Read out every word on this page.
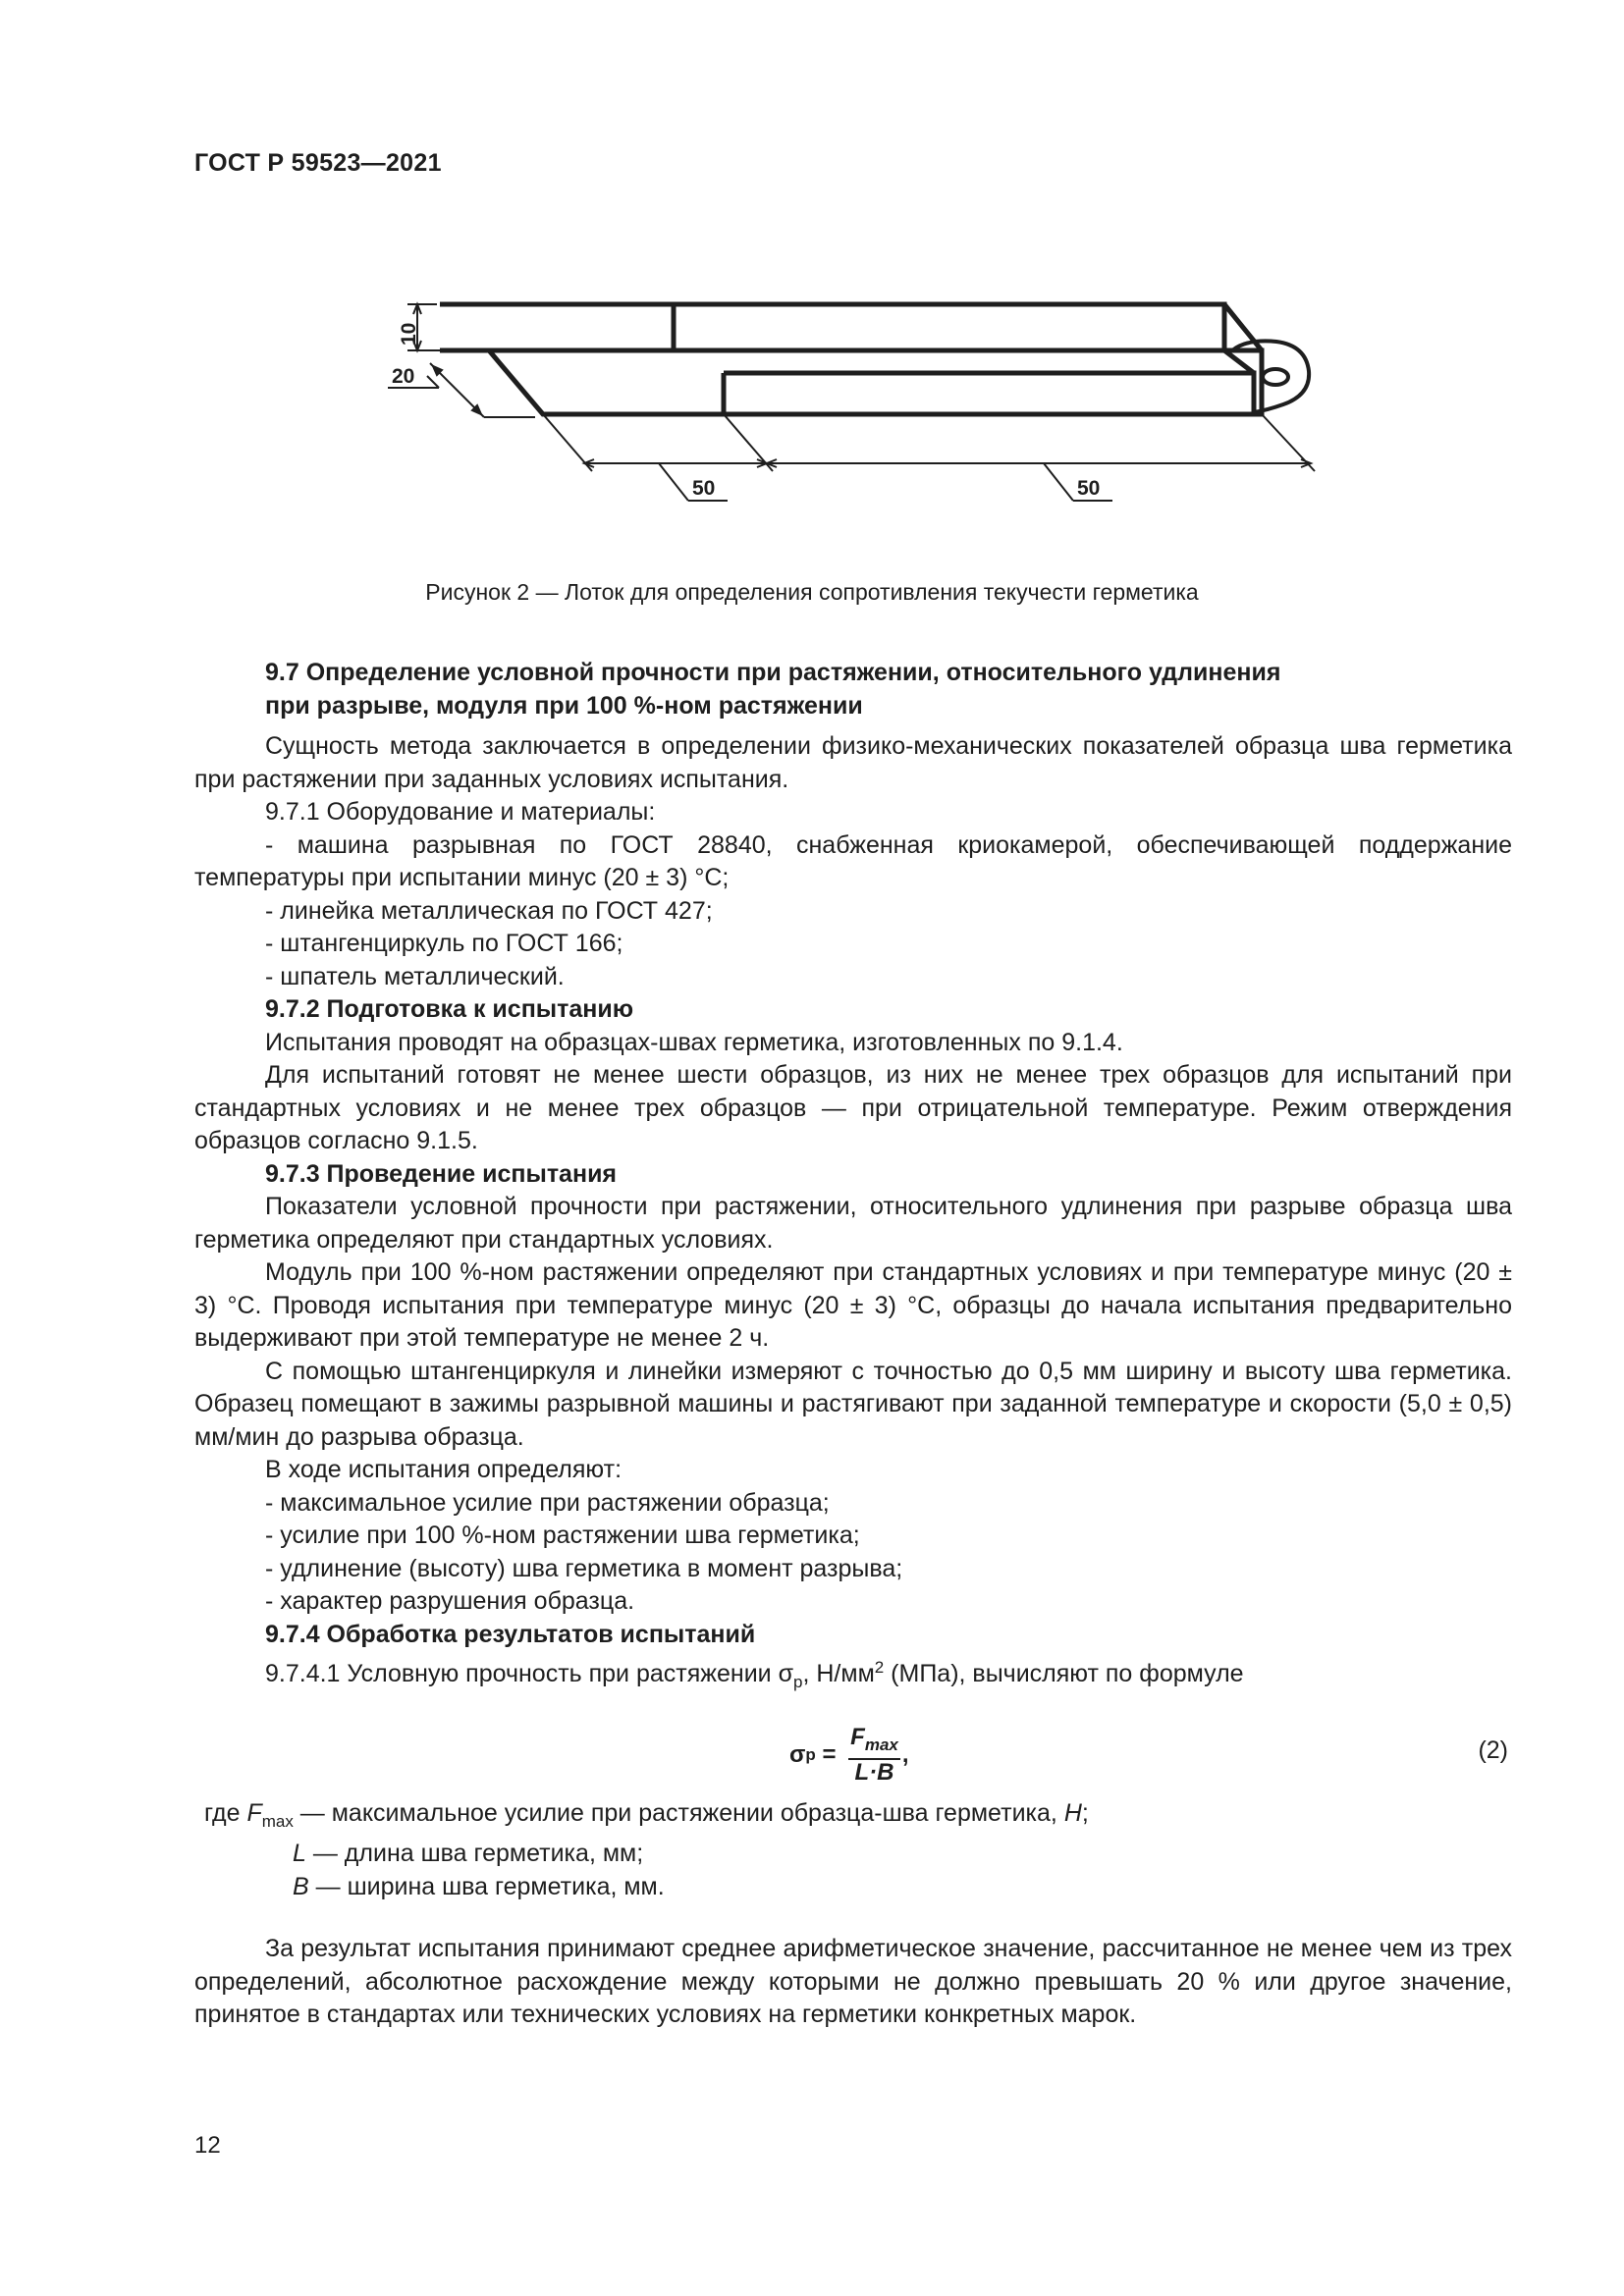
ГОСТ Р 59523—2021
10
20
50	50
Рисунок 2 — Лоток для определения сопротивления текучести герметика

9.7 Определение условной прочности при растяжении, относительного удлинения
при разрыве, модуля при 100 %-ном растяжении

Сущность метода заключается в определении физико-механических показателей образца шва герметика при растяжении при заданных условиях испытания.

9.7.1 Оборудование и материалы:

- машина разрывная по ГОСТ 28840, снабженная криокамерой, обеспечивающей поддержание температуры при испытании минус (20 ± 3) °С;

- линейка металлическая по ГОСТ 427;

- штангенциркуль по ГОСТ 166;

- шпатель металлический.

9.7.2 Подготовка к испытанию

Испытания проводят на образцах-швах герметика, изготовленных по 9.1.4.

Для испытаний готовят не менее шести образцов, из них не менее трех образцов для испытаний при стандартных условиях и не менее трех образцов — при отрицательной температуре. Режим отверждения образцов согласно 9.1.5.

9.7.3 Проведение испытания

Показатели условной прочности при растяжении, относительного удлинения при разрыве образца шва герметика определяют при стандартных условиях.

Модуль при 100 %-ном растяжении определяют при стандартных условиях и при температуре минус (20 ± 3) °С. Проводя испытания при температуре минус (20 ± 3) °С, образцы до начала испытания предварительно выдерживают при этой температуре не менее 2 ч.

С помощью штангенциркуля и линейки измеряют с точностью до 0,5 мм ширину и высоту шва герметика. Образец помещают в зажимы разрывной машины и растягивают при заданной температуре и скорости (5,0 ± 0,5) мм/мин до разрыва образца.

В ходе испытания определяют:

- максимальное усилие при растяжении образца;

- усилие при 100 %-ном растяжении шва герметика;

- удлинение (высоту) шва герметика в момент разрыва;

- характер разрушения образца.

9.7.4 Обработка результатов испытаний

9.7.4.1 Условную прочность при растяжении $\sigma_р$, $Н/мм^2$ (МПа), вычисляют по формуле

σ $р = \frac{F_{max}}{L\cdot B}$ ,	(2)

где $F_{max}$ — максимальное усилие при растяжении образца-шва герметика, Н;

L — длина шва герметика, мм;

B — ширина шва герметика, мм.

За результат испытания принимают среднее арифметическое значение, рассчитанное не менее чем из трех определений, абсолютное расхождение между которыми не должно превышать 20 % или другое значение, принятое в стандартах или технических условиях на герметики конкретных марок.

12
